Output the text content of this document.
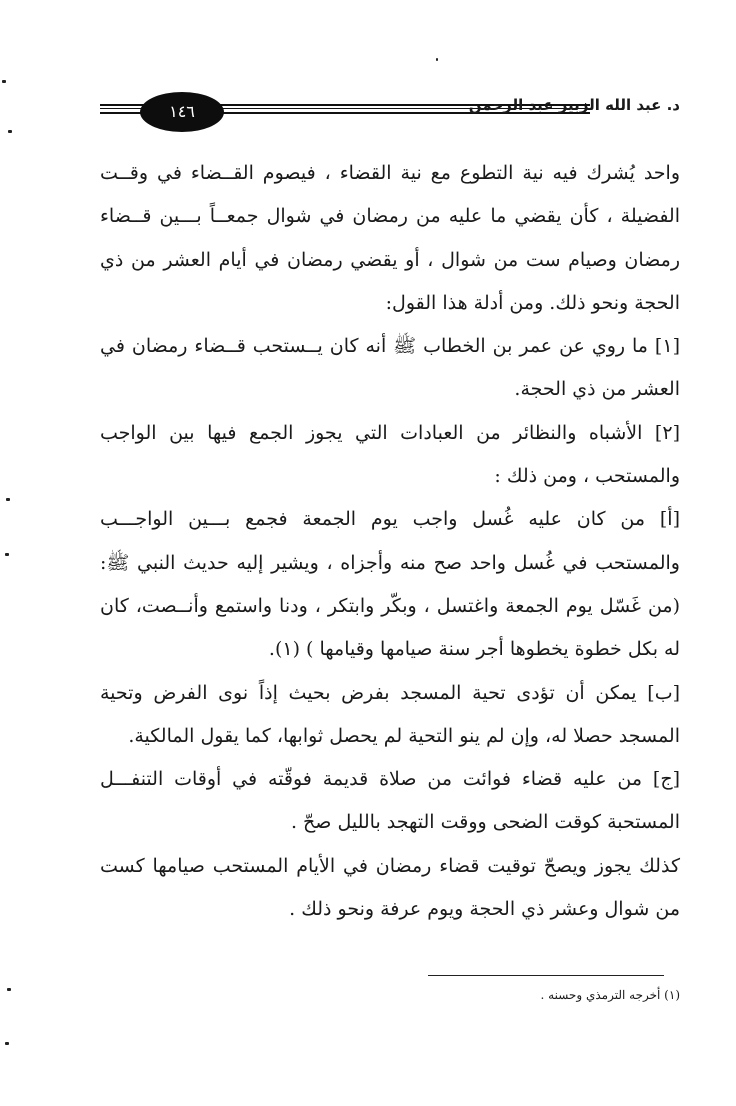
١٤٦	د. عبد الله الزبير عبد الرحمن

واحد يُشرك فيه نية التطوع مع نية القضاء ، فيصوم القــضاء في وقــت الفضيلة ، كأن يقضي ما عليه من رمضان في شوال جمعــاً بـــين قــضاء رمضان وصيام ست من شوال ، أو يقضي رمضان في أيام العشر من ذي الحجة ونحو ذلك. ومن أدلة هذا القول:

[١] ما روي عن عمر بن الخطاب ﷺ أنه كان يــستحب قــضاء رمضان في العشر من ذي الحجة.

[٢] الأشباه والنظائر من العبادات التي يجوز الجمع فيها بين الواجب والمستحب ، ومن ذلك :

[أ] من كان عليه غُسل واجب يوم الجمعة فجمع بـــين الواجـــب والمستحب في غُسل واحد صح منه وأجزاه ، ويشير إليه حديث النبي ﷺ: (من غَسّل يوم الجمعة واغتسل ، وبكّر وابتكر ، ودنا واستمع وأنــصت، كان له بكل خطوة يخطوها أجر سنة صيامها وقيامها ) (١).

[ب] يمكن أن تؤدى تحية المسجد بفرض بحيث إذاً نوى الفرض وتحية المسجد حصلا له، وإن لم ينو التحية لم يحصل ثوابها، كما يقول المالكية.

[ج] من عليه قضاء فوائت من صلاة قديمة فوقّته في أوقات التنفـــل المستحبة كوقت الضحى ووقت التهجد بالليل صحّ .

كذلك يجوز ويصحّ توقيت قضاء رمضان في الأيام المستحب صيامها كست من شوال وعشر ذي الحجة ويوم عرفة ونحو ذلك .

(١) أخرجه الترمذي وحسنه .
